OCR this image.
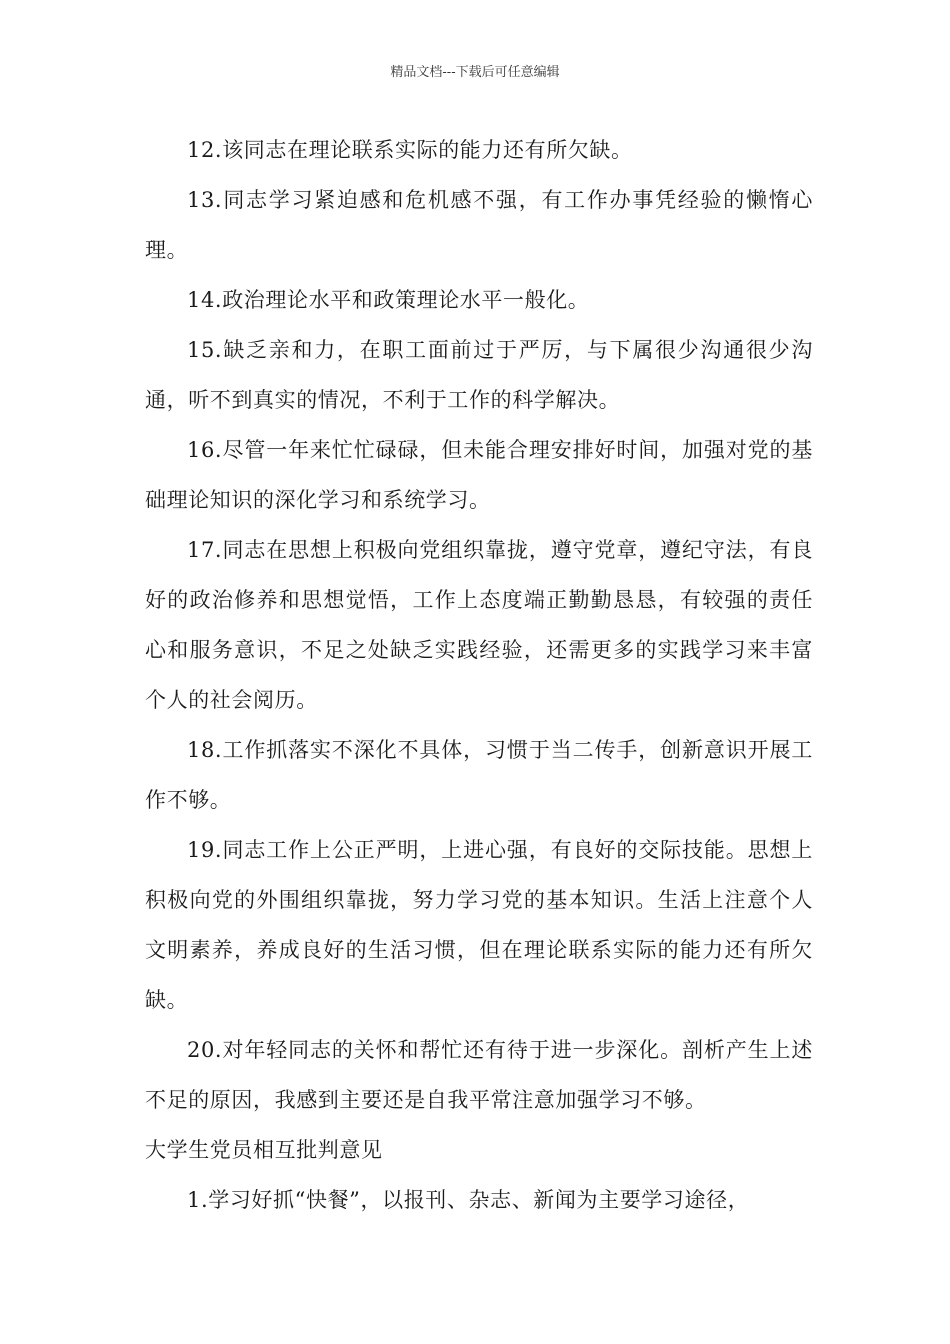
精品文档---下载后可任意编辑

12.该同志在理论联系实际的能力还有所欠缺。

13.同志学习紧迫感和危机感不强，有工作办事凭经验的懒惰心理。

14.政治理论水平和政策理论水平一般化。

15.缺乏亲和力，在职工面前过于严厉，与下属很少沟通很少沟通，听不到真实的情况，不利于工作的科学解决。

16.尽管一年来忙忙碌碌，但未能合理安排好时间，加强对党的基础理论知识的深化学习和系统学习。

17.同志在思想上积极向党组织靠拢，遵守党章，遵纪守法，有良好的政治修养和思想觉悟，工作上态度端正勤勤恳恳，有较强的责任心和服务意识，不足之处缺乏实践经验，还需更多的实践学习来丰富个人的社会阅历。

18.工作抓落实不深化不具体，习惯于当二传手，创新意识开展工作不够。

19.同志工作上公正严明，上进心强，有良好的交际技能。思想上积极向党的外围组织靠拢，努力学习党的基本知识。生活上注意个人文明素养，养成良好的生活习惯，但在理论联系实际的能力还有所欠缺。

20.对年轻同志的关怀和帮忙还有待于进一步深化。剖析产生上述不足的原因，我感到主要还是自我平常注意加强学习不够。

大学生党员相互批判意见

1.学习好抓“快餐”，以报刊、杂志、新闻为主要学习途径，
